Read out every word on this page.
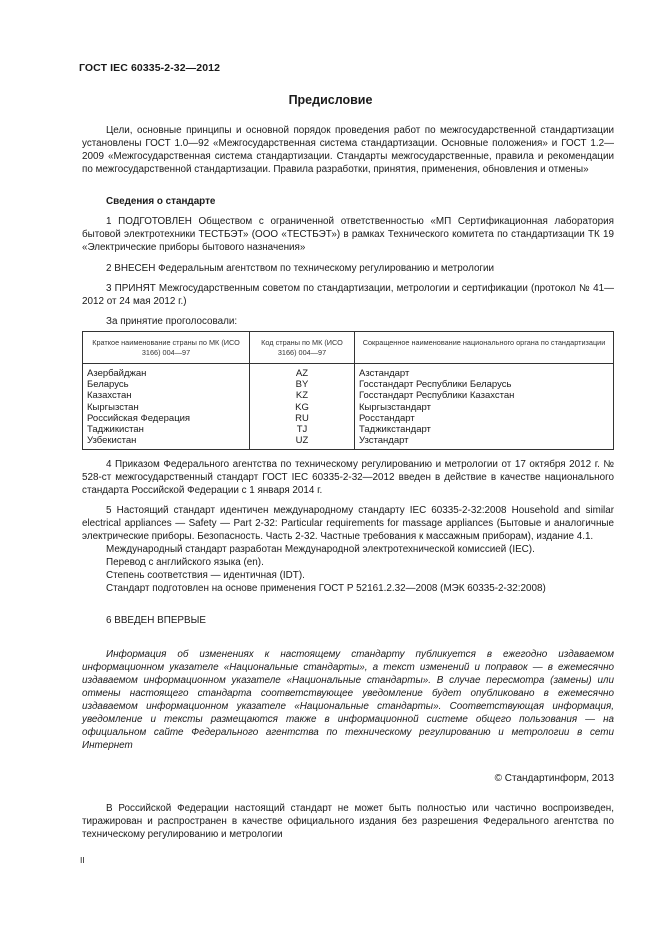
ГОСТ IEC 60335-2-32—2012
Предисловие

Цели, основные принципы и основной порядок проведения работ по межгосударственной стандартизации установлены ГОСТ 1.0—92 «Межгосударственная система стандартизации. Основные положения» и ГОСТ 1.2—2009 «Межгосударственная система стандартизации. Стандарты межгосударственные, правила и рекомендации по межгосударственной стандартизации. Правила разработки, принятия, применения, обновления и отмены»

Сведения о стандарте

1 ПОДГОТОВЛЕН Обществом с ограниченной ответственностью «МП Сертификационная лаборатория бытовой электротехники ТЕСТБЭТ» (ООО «ТЕСТБЭТ») в рамках Технического комитета по стандартизации ТК 19 «Электрические приборы бытового назначения»

2 ВНЕСЕН Федеральным агентством по техническому регулированию и метрологии

3 ПРИНЯТ Межгосударственным советом по стандартизации, метрологии и сертификации (протокол № 41—2012 от 24 мая 2012 г.)

За принятие проголосовали:

Краткое наименование страны по МК (ИСО 3166) 004—97	Код страны по МК (ИСО 3166) 004—97	Сокращенное наименование национального органа по стандартизации
Азербайджан	AZ	Азстандарт
Беларусь	BY	Госстандарт Республики Беларусь
Казахстан	KZ	Госстандарт Республики Казахстан
Кыргызстан	KG	Кыргызстандарт
Российская Федерация	RU	Росстандарт
Таджикистан	TJ	Таджикстандарт
Узбекистан	UZ	Узстандарт

4 Приказом Федерального агентства по техническому регулированию и метрологии от 17 октября 2012 г. № 528-ст межгосударственный стандарт ГОСТ IEC 60335-2-32—2012 введен в действие в качестве национального стандарта Российской Федерации с 1 января 2014 г.

5 Настоящий стандарт идентичен международному стандарту IEC 60335-2-32:2008 Household and similar electrical appliances — Safety — Part 2-32: Particular requirements for massage appliances (Бытовые и аналогичные электрические приборы. Безопасность. Часть 2-32. Частные требования к массажным приборам), издание 4.1.

Международный стандарт разработан Международной электротехнической комиссией (IEC).

Перевод с английского языка (en).

Степень соответствия — идентичная (IDT).

Стандарт подготовлен на основе применения ГОСТ Р 52161.2.32—2008 (МЭК 60335-2-32:2008)

6 ВВЕДЕН ВПЕРВЫЕ

Информация об изменениях к настоящему стандарту публикуется в ежегодно издаваемом информационном указателе «Национальные стандарты», а текст изменений и поправок — в ежемесячно издаваемом информационном указателе «Национальные стандарты». В случае пересмотра (замены) или отмены настоящего стандарта соответствующее уведомление будет опубликовано в ежемесячно издаваемом информационном указателе «Национальные стандарты». Соответствующая информация, уведомление и тексты размещаются также в информационной системе общего пользования — на официальном сайте Федерального агентства по техническому регулированию и метрологии в сети Интернет

© Стандартинформ, 2013

В Российской Федерации настоящий стандарт не может быть полностью или частично воспроизведен, тиражирован и распространен в качестве официального издания без разрешения Федерального агентства по техническому регулированию и метрологии

II
